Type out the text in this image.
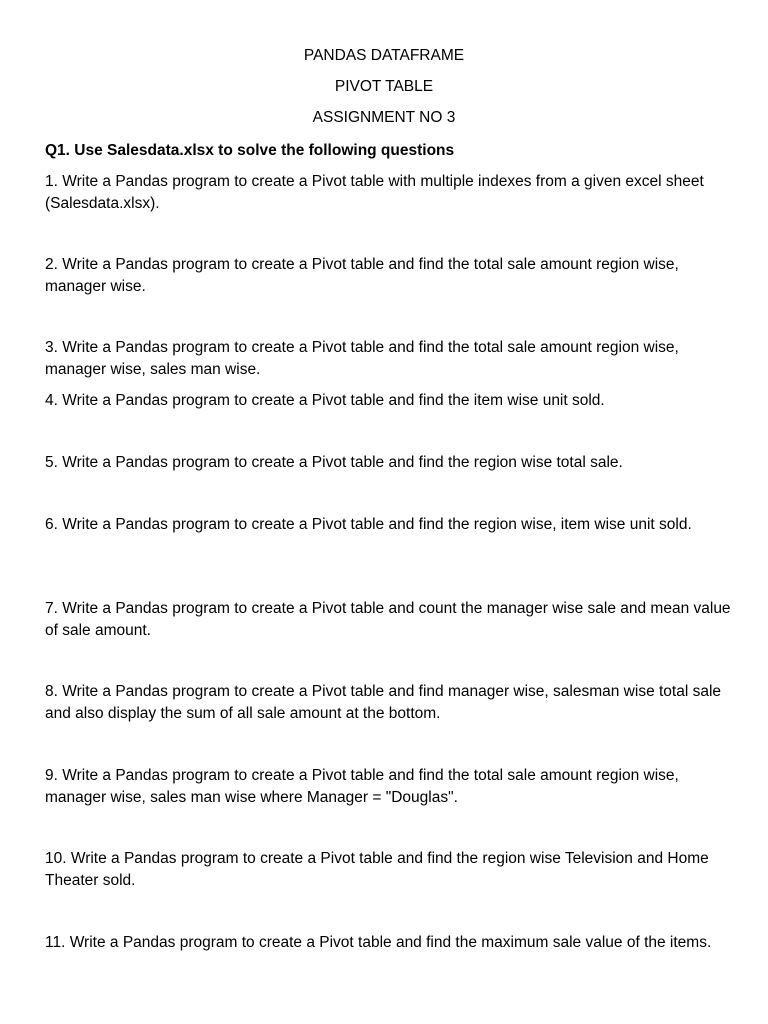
PANDAS DATAFRAME
PIVOT TABLE
ASSIGNMENT NO 3
Q1. Use Salesdata.xlsx to solve the following questions

1. Write a Pandas program to create a Pivot table with multiple indexes from a given excel sheet (Salesdata.xlsx).

2. Write a Pandas program to create a Pivot table and find the total sale amount region wise, manager wise.

3. Write a Pandas program to create a Pivot table and find the total sale amount region wise, manager wise, sales man wise.

4. Write a Pandas program to create a Pivot table and find the item wise unit sold.

5. Write a Pandas program to create a Pivot table and find the region wise total sale.

6. Write a Pandas program to create a Pivot table and find the region wise, item wise unit sold.

7. Write a Pandas program to create a Pivot table and count the manager wise sale and mean value of sale amount.

8. Write a Pandas program to create a Pivot table and find manager wise, salesman wise total sale and also display the sum of all sale amount at the bottom.

9. Write a Pandas program to create a Pivot table and find the total sale amount region wise, manager wise, sales man wise where Manager = "Douglas".

10. Write a Pandas program to create a Pivot table and find the region wise Television and Home Theater sold.

11. Write a Pandas program to create a Pivot table and find the maximum sale value of the items.
